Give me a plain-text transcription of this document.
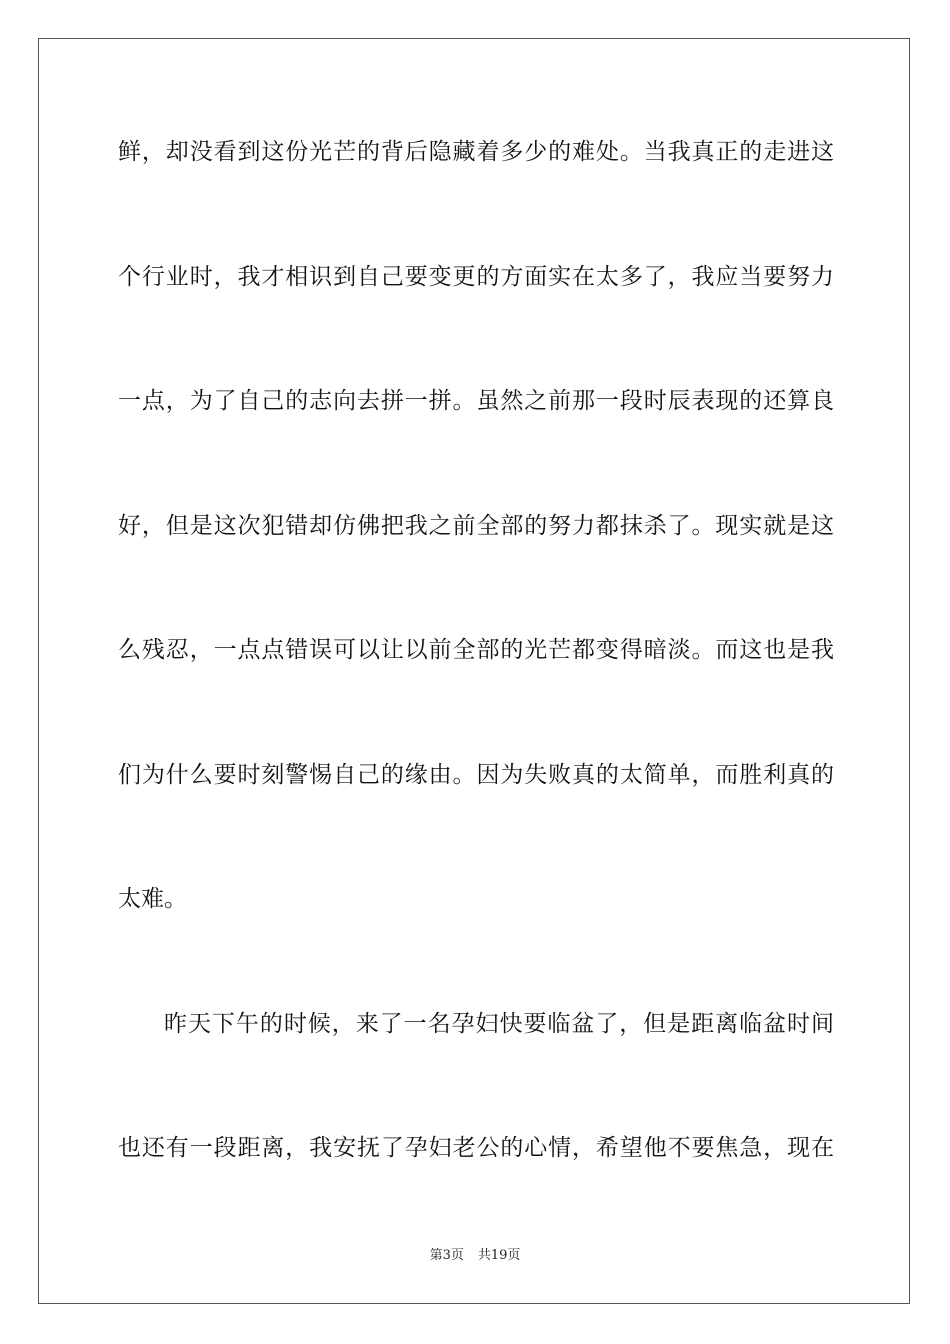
鲜，却没看到这份光芒的背后隐藏着多少的难处。当我真正的走进这
个行业时，我才相识到自己要变更的方面实在太多了，我应当要努力
一点，为了自己的志向去拼一拼。虽然之前那一段时辰表现的还算良
好，但是这次犯错却仿佛把我之前全部的努力都抹杀了。现实就是这
么残忍，一点点错误可以让以前全部的光芒都变得暗淡。而这也是我
们为什么要时刻警惕自己的缘由。因为失败真的太简单，而胜利真的
太难。
昨天下午的时候，来了一名孕妇快要临盆了，但是距离临盆时间
也还有一段距离，我安抚了孕妇老公的心情，希望他不要焦急，现在
第3页 共19页
